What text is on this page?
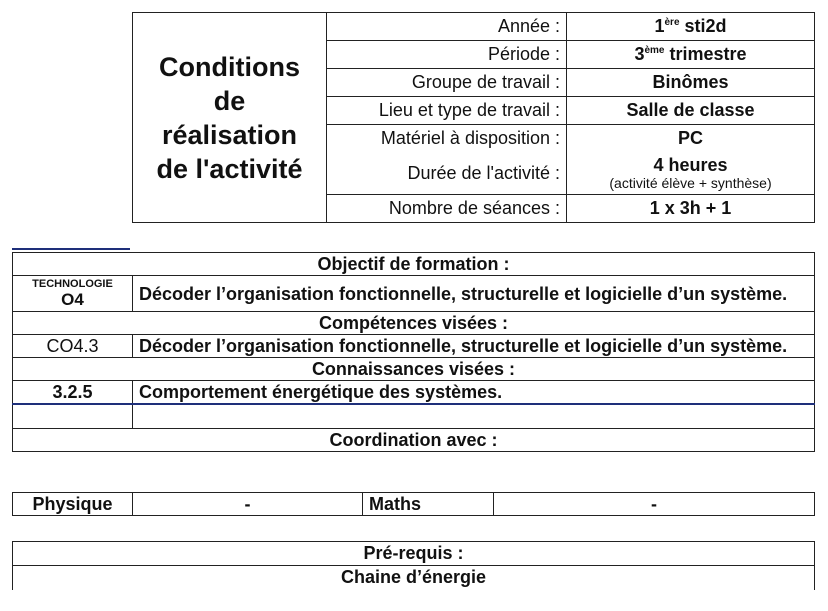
Conditions
de
réalisation
de l'activité	Année :	1ère sti2d
	Période :	3ème trimestre
	Groupe de travail :	Binômes
	Lieu et type de travail :	Salle de classe
	Matériel à disposition :	PC
	Durée de l'activité :	4 heures
(activité élève + synthèse)

	Nombre de séances :	1 x 3h + 1
Objectif de formation :	
TECHNOLOGIE
O4	Décoder l’organisation fonctionnelle, structurelle et logicielle d’un système.
Compétences visées :	
CO4.3	Décoder l’organisation fonctionnelle, structurelle et logicielle d’un système.
Connaissances visées :	
3.2.5	Comportement énergétique des systèmes.

Coordination avec :	
Physique	-	Maths	-
Pré-requis :
Chaine d’énergie
